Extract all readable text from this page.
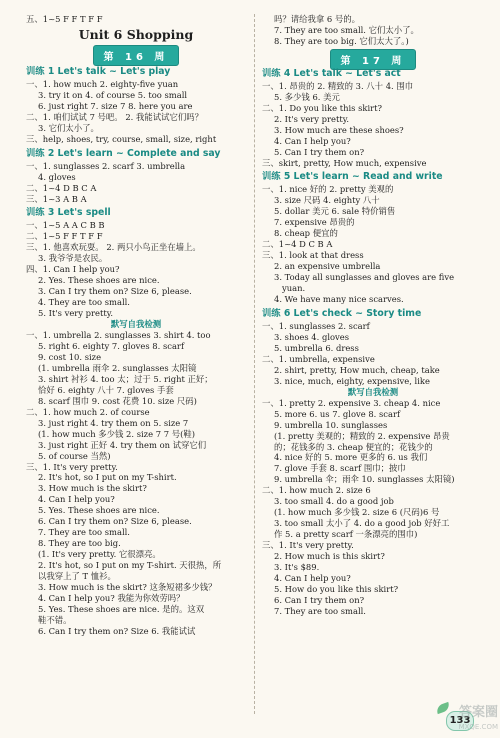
五、1~5 F F T F F
Unit 6 Shopping
第 16 周
训练 1 Let's talk ~ Let's play
一、1. how much 2. eighty-five yuan
3. try it on 4. of course 5. too small
6. just right 7. size 7 8. here you are
二、1. 咱们试试 7 号吧。 2. 我能试试它们吗？
3. 它们太小了。
三、help, shoes, try, course, small, size, right
训练 2 Let's learn ~ Complete and say
一、1. sunglasses 2. scarf 3. umbrella
4. gloves
二、1~4 D B C A
三、1~3 A B A
训练 3 Let's spell
一、1~5 A A C B B
二、1~5 F F T F F
三、1. 他喜欢玩耍。 2. 两只小鸟正坐在墙上。
3. 我爷爷是农民。
四、1. Can I help you?
2. Yes. These shoes are nice.
3. Can I try them on? Size 6, please.
4. They are too small.
5. It's very pretty.
默写自我检测
一、1. umbrella 2. sunglasses 3. shirt 4. too
5. right 6. eighty 7. gloves 8. scarf
9. cost 10. size
(1. umbrella 雨伞 2. sunglasses 太阳镜
3. shirt 衬衫 4. too 太；过于 5. right 正好；
恰好 6. eighty 八十 7. gloves 手套
8. scarf 围巾 9. cost 花费 10. size 尺码)
二、1. how much 2. of course
3. just right 4. try them on 5. size 7
(1. how much 多少钱 2. size 7 7 号(鞋)
3. just right 正好 4. try them on 试穿它们
5. of course 当然)
三、1. It's very pretty.
2. It's hot, so I put on my T-shirt.
3. How much is the skirt?
4. Can I help you?
5. Yes. These shoes are nice.
6. Can I try them on? Size 6, please.
7. They are too small.
8. They are too big.
(1. It's very pretty. 它很漂亮。
2. It's hot, so I put on my T-shirt. 天很热，所
以我穿上了 T 恤衫。
3. How much is the skirt? 这条短裙多少钱？
4. Can I help you? 我能为你效劳吗？
5. Yes. These shoes are nice. 是的。这双
鞋不错。
6. Can I try them on? Size 6. 我能试试
吗？请给我拿 6 号的。
7. They are too small. 它们太小了。
8. They are too big. 它们太大了。)
第 17 周
训练 4 Let's talk ~ Let's act
一、1. 昂贵的 2. 精致的 3. 八十 4. 围巾
5. 多少钱 6. 美元
二、1. Do you like this skirt?
2. It's very pretty.
3. How much are these shoes?
4. Can I help you?
5. Can I try them on?
三、skirt, pretty, How much, expensive
训练 5 Let's learn ~ Read and write
一、1. nice 好的 2. pretty 美观的
3. size 尺码 4. eighty 八十
5. dollar 美元 6. sale 特价销售
7. expensive 昂贵的
8. cheap 便宜的
二、1~4 D C B A
三、1. look at that dress
2. an expensive umbrella
3. Today all sunglasses and gloves are five
yuan.
4. We have many nice scarves.
训练 6 Let's check ~ Story time
一、1. sunglasses 2. scarf
3. shoes 4. gloves
5. umbrella 6. dress
二、1. umbrella, expensive
2. shirt, pretty, How much, cheap, take
3. nice, much, eighty, expensive, like
默写自我检测
一、1. pretty 2. expensive 3. cheap 4. nice
5. more 6. us 7. glove 8. scarf
9. umbrella 10. sunglasses
(1. pretty 美观的；精致的 2. expensive 昂贵
的；花钱多的 3. cheap 便宜的；花钱少的
4. nice 好的 5. more 更多的 6. us 我们
7. glove 手套 8. scarf 围巾；披巾
9. umbrella 伞；雨伞 10. sunglasses 太阳镜)
二、1. how much 2. size 6
3. too small 4. do a good job
(1. how much 多少钱 2. size 6 (尺码)6 号
3. too small 太小了 4. do a good job 好好工
作 5. a pretty scarf 一条漂亮的围巾)
三、1. It's very pretty.
2. How much is this skirt?
3. It's $89.
4. Can I help you?
5. How do you like this skirt?
6. Can I try them on?
7. They are too small.
133
答案圈
MXQE.COM
